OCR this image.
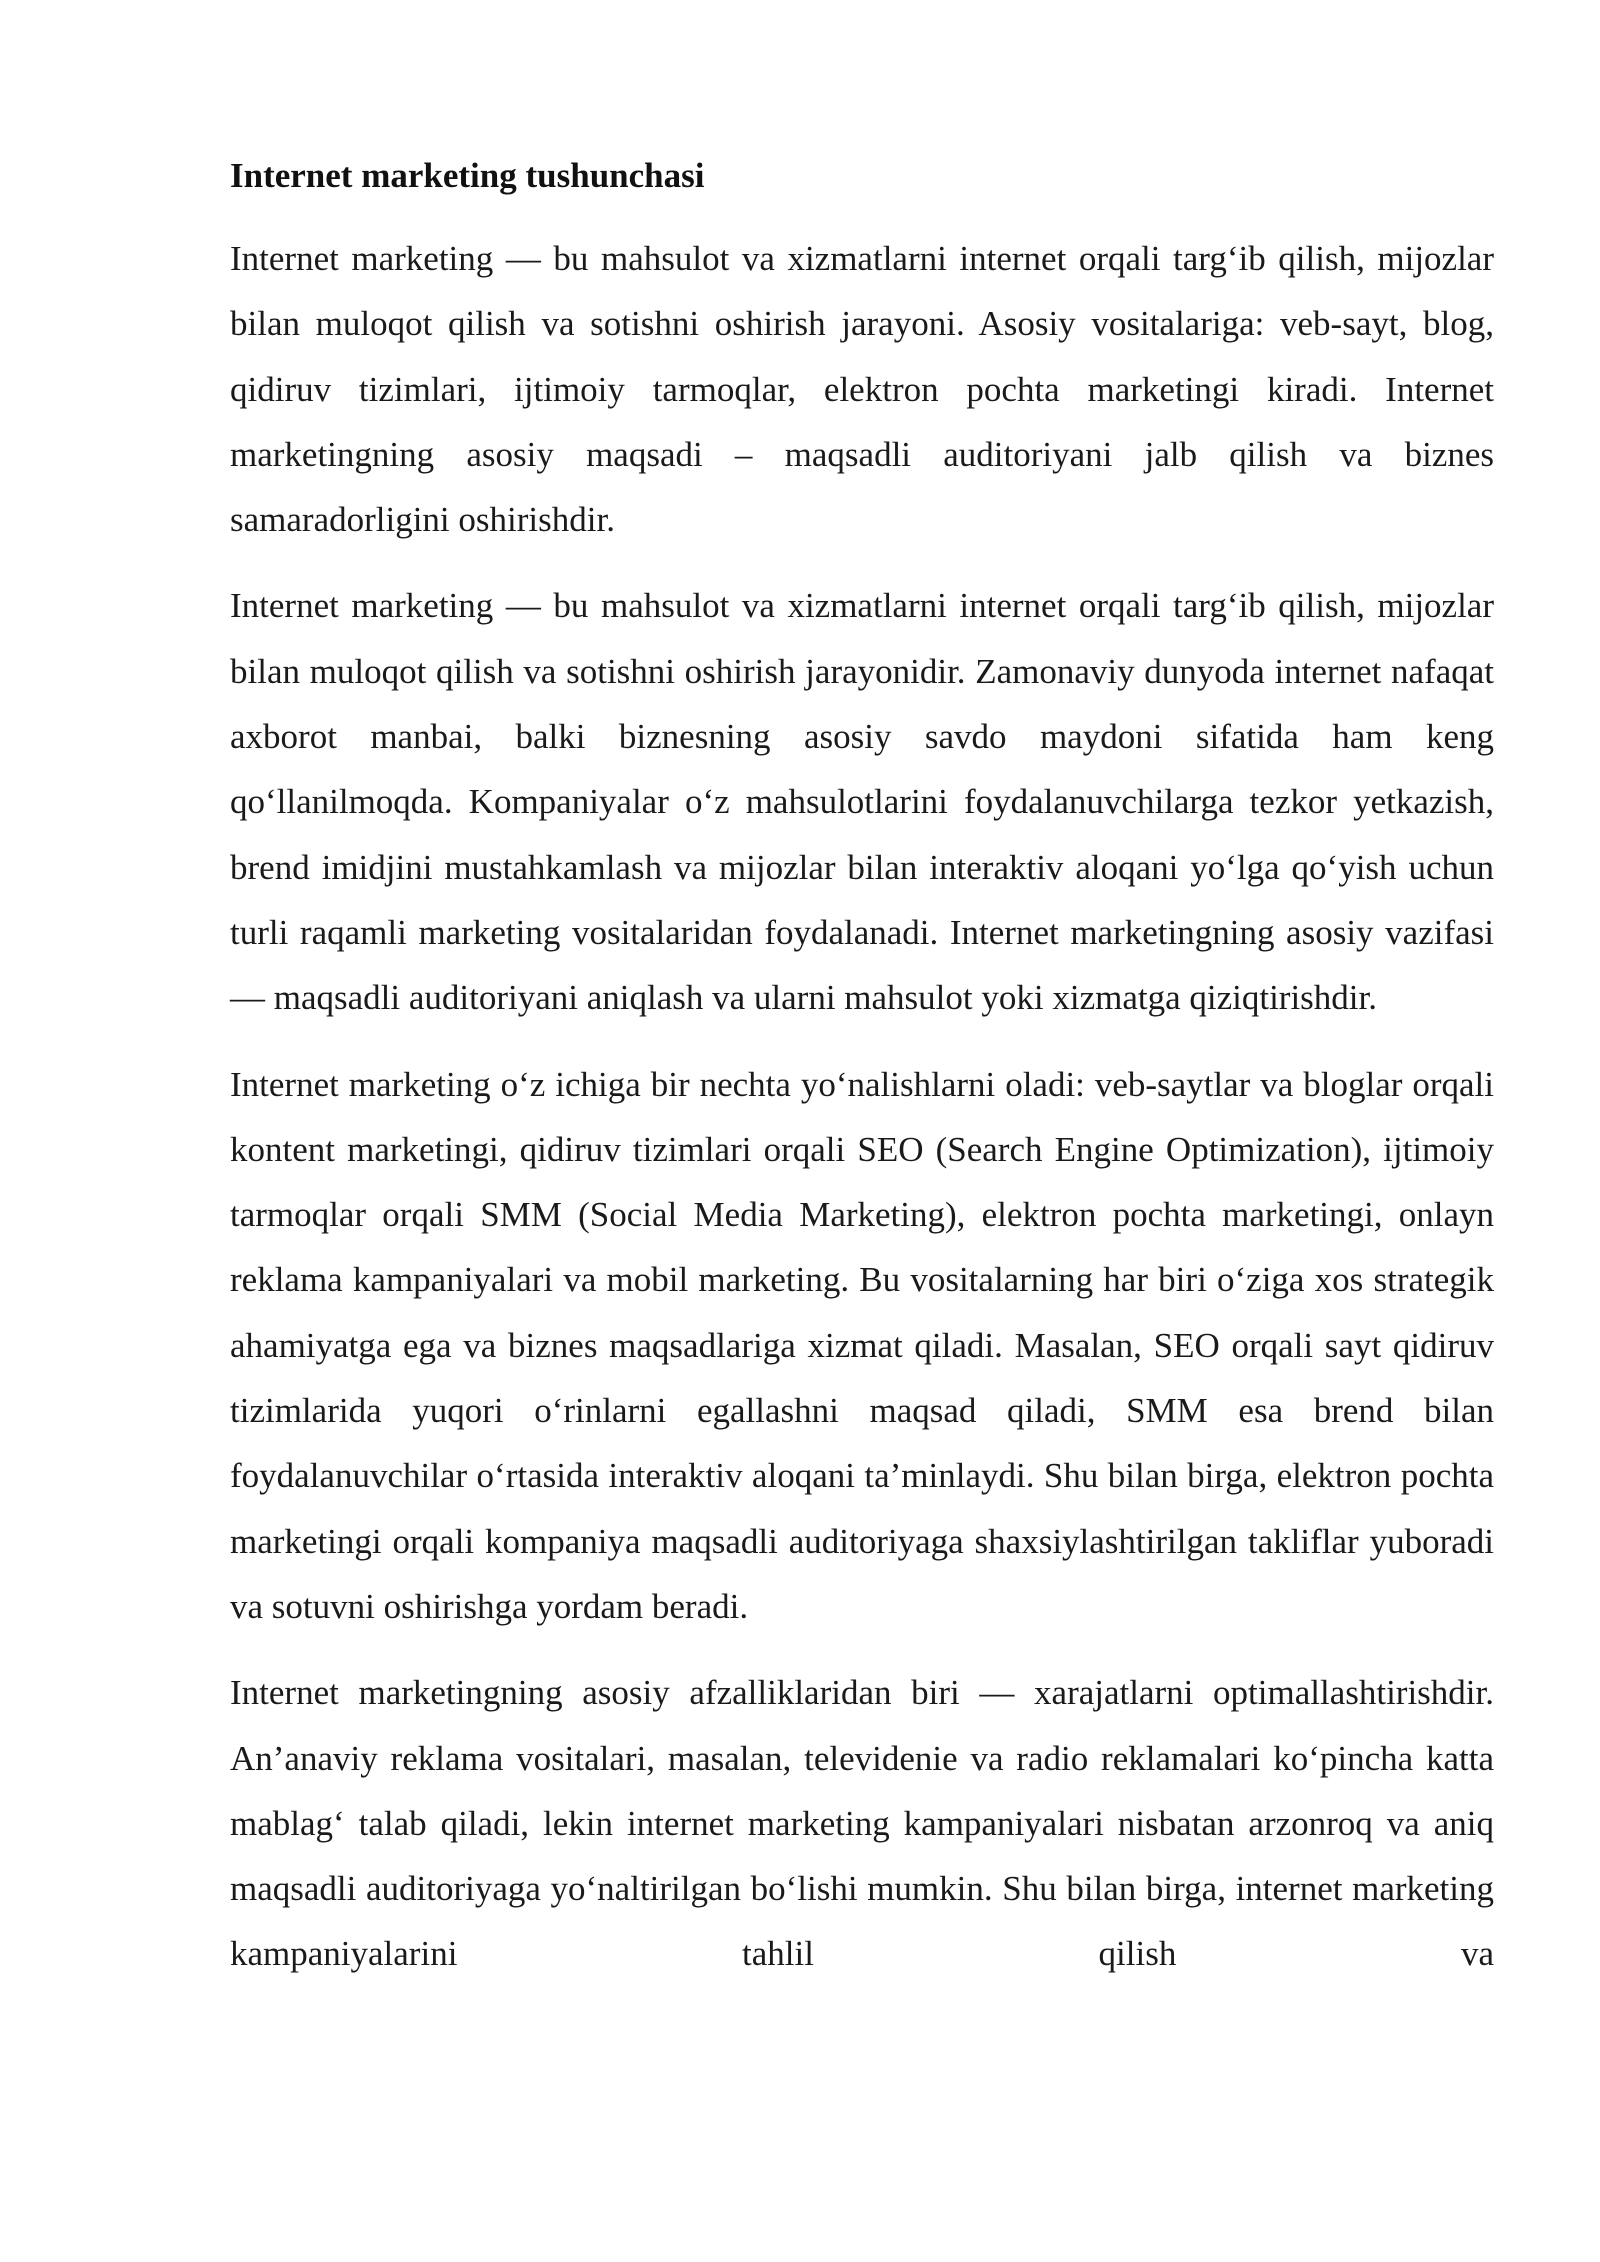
Internet marketing tushunchasi

Internet marketing — bu mahsulot va xizmatlarni internet orqali targ‘ib qilish, mijozlar bilan muloqot qilish va sotishni oshirish jarayoni. Asosiy vositalariga: veb-sayt, blog, qidiruv tizimlari, ijtimoiy tarmoqlar, elektron pochta marketingi kiradi. Internet marketingning asosiy maqsadi – maqsadli auditoriyani jalb qilish va biznes samaradorligini oshirishdir.

Internet marketing — bu mahsulot va xizmatlarni internet orqali targ‘ib qilish, mijozlar bilan muloqot qilish va sotishni oshirish jarayonidir. Zamonaviy dunyoda internet nafaqat axborot manbai, balki biznesning asosiy savdo maydoni sifatida ham keng qo‘llanilmoqda. Kompaniyalar o‘z mahsulotlarini foydalanuvchilarga tezkor yetkazish, brend imidjini mustahkamlash va mijozlar bilan interaktiv aloqani yo‘lga qo‘yish uchun turli raqamli marketing vositalaridan foydalanadi. Internet marketingning asosiy vazifasi — maqsadli auditoriyani aniqlash va ularni mahsulot yoki xizmatga qiziqtirishdir.

Internet marketing o‘z ichiga bir nechta yo‘nalishlarni oladi: veb-saytlar va bloglar orqali kontent marketingi, qidiruv tizimlari orqali SEO (Search Engine Optimization), ijtimoiy tarmoqlar orqali SMM (Social Media Marketing), elektron pochta marketingi, onlayn reklama kampaniyalari va mobil marketing. Bu vositalarning har biri o‘ziga xos strategik ahamiyatga ega va biznes maqsadlariga xizmat qiladi. Masalan, SEO orqali sayt qidiruv tizimlarida yuqori o‘rinlarni egallashni maqsad qiladi, SMM esa brend bilan foydalanuvchilar o‘rtasida interaktiv aloqani ta’minlaydi. Shu bilan birga, elektron pochta marketingi orqali kompaniya maqsadli auditoriyaga shaxsiylashtirilgan takliflar yuboradi va sotuvni oshirishga yordam beradi.

Internet marketingning asosiy afzalliklaridan biri — xarajatlarni optimallashtirishdir. An’anaviy reklama vositalari, masalan, televidenie va radio reklamalari ko‘pincha katta mablag‘ talab qiladi, lekin internet marketing kampaniyalari nisbatan arzonroq va aniq maqsadli auditoriyaga yo‘naltirilgan bo‘lishi mumkin. Shu bilan birga, internet marketing kampaniyalarini tahlil qilish va
